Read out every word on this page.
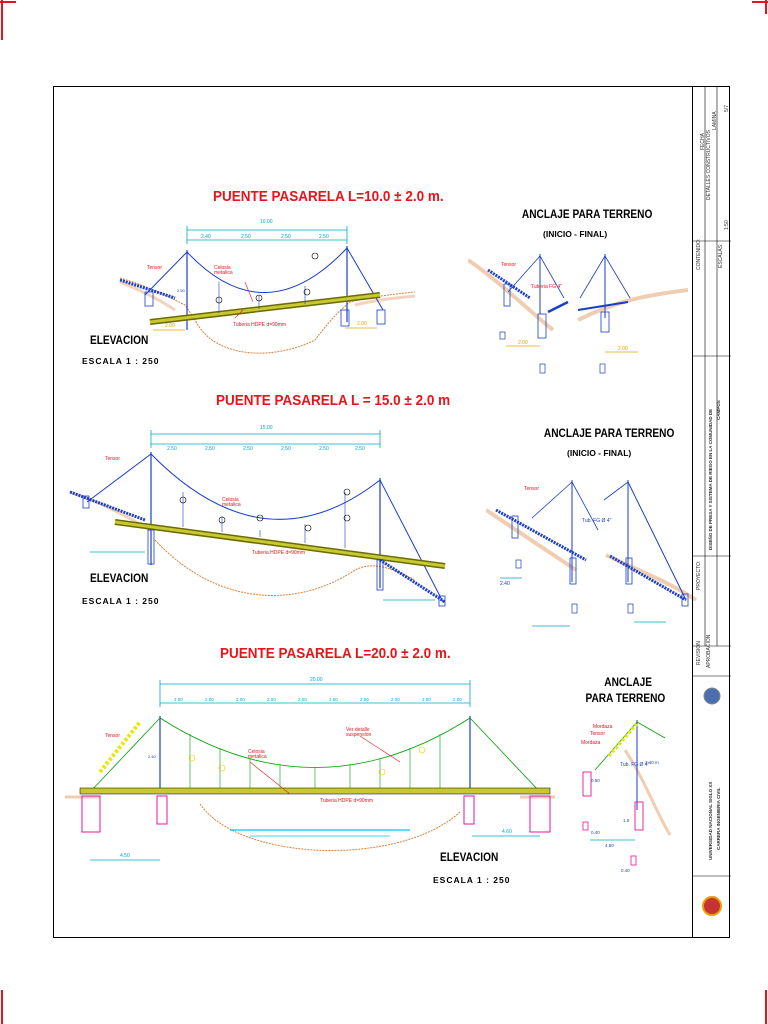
PUENTE PASARELA L=10.0 ± 2.0 m.
10.00
2.40	2.50	2.50	2.50
2.00	2.00
2.50
Tensor	Celosia metalica
Tuberia HDPE d=90mm
ELEVACION
ESCALA 1 : 250
ANCLAJE PARA TERRENO
(INICIO - FINAL)
2.00
2.00
Tensor
Tuberia FG 4"
PUENTE PASARELA L = 15.0 ± 2.0 m
15.00
2.50	2.50	2.50	2.50	2.50	2.50
Tensor
Celosia metalica
Tuberia HDPE d=90mm
ELEVACION
ESCALA 1 : 250
ANCLAJE PARA TERRENO
(INICIO - FINAL)
2.40
Tensor
Tub. FG Ø 4"
PUENTE PASARELA L=20.0 ± 2.0 m.
20.00
2.00	2.00	2.00	2.00	2.00	2.00	2.00	2.00	2.00	2.00
4.50
4.60
2.40
Tensor
Ver detalle suspension
Celosia metalica
Tuberia HDPE d=90mm
ELEVACION
ESCALA 1 : 250
ANCLAJE
PARA TERRENO
2.40 m
0.50
0.40
4.50
0.40
1.0
Mordaza
Tensor
Mordaza
Tub. FG Ø 4"
DETALLES CONSTRUCTIVOS
CONTENIDO:	ESCALAS:
1:50
LAMINA
5/7
FECHA
DISEÑO DE PRESA Y SISTEMA DE RIEGO EN LA COMUNIDAD DE CAMPOS
PROYECTO:
REVISION APROBACION
UNIVERSIDAD NACIONAL SIGLO XX CARRERA INGENIERIA CIVIL
